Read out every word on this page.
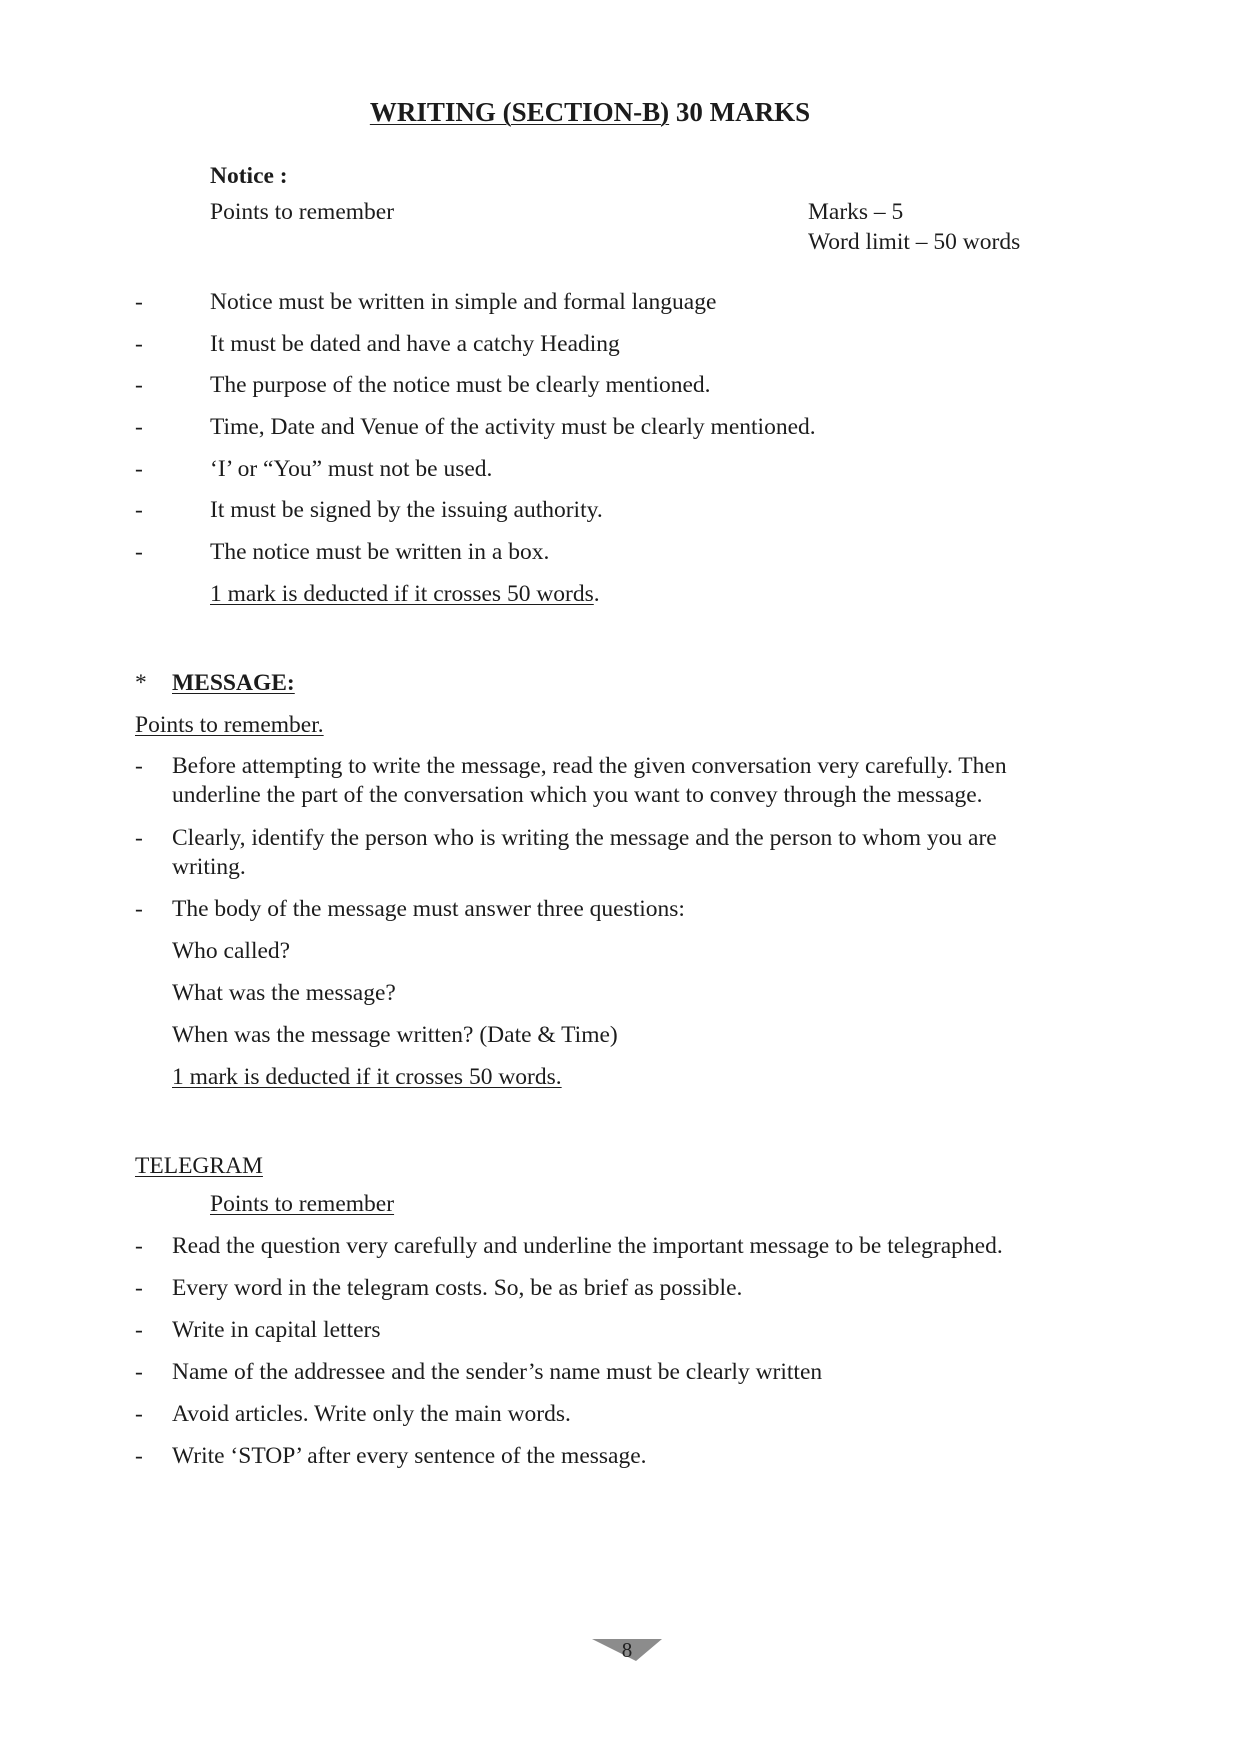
WRITING (SECTION-B) 30 MARKS
Notice :
Points to remember	Marks – 5
Word limit – 50 words
-	Notice must be written in simple and formal language
-	It must be dated and have a catchy Heading
-	The purpose of the notice must be clearly mentioned.
-	Time, Date and Venue of the activity must be clearly mentioned.
-	‘I’ or “You” must not be used.
-	It must be signed by the issuing authority.
-	The notice must be written in a box.
1 mark is deducted if it crosses 50 words.
* MESSAGE:
Points to remember.
- Before attempting to write the message, read the given conversation very carefully. Then underline the part of the conversation which you want to convey through the message.
- Clearly, identify the person who is writing the message and the person to whom you are writing.
- The body of the message must answer three questions:
Who called?
What was the message?
When was the message written? (Date & Time)
1 mark is deducted if it crosses 50 words.
TELEGRAM
Points to remember
- Read the question very carefully and underline the important message to be telegraphed.
- Every word in the telegram costs. So, be as brief as possible.
- Write in capital letters
- Name of the addressee and the sender’s name must be clearly written
- Avoid articles. Write only the main words.
- Write ‘STOP’ after every sentence of the message.
8
